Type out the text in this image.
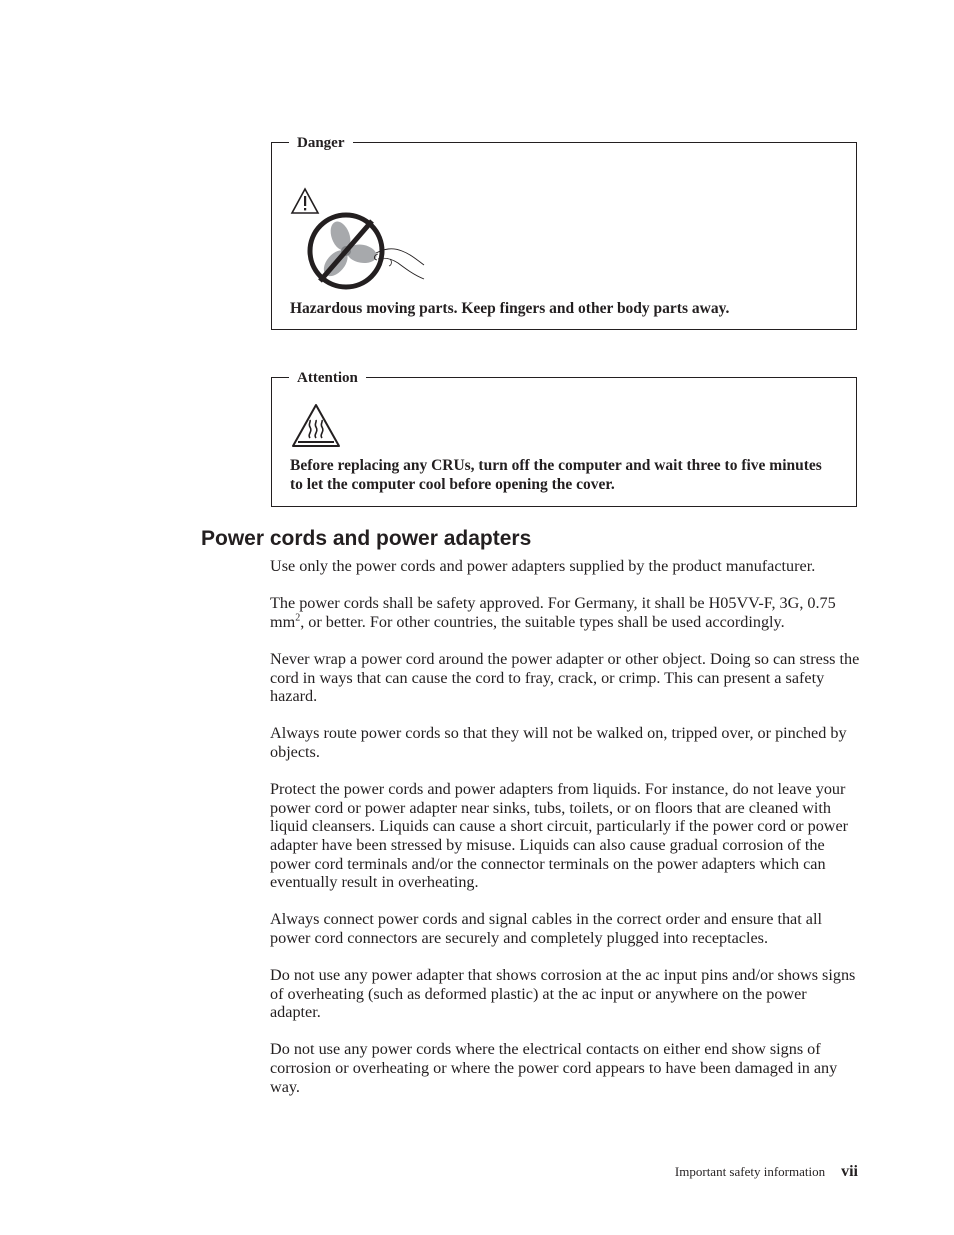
Danger
Hazardous moving parts. Keep fingers and other body parts away.
Attention
Before replacing any CRUs, turn off the computer and wait three to five minutes to let the computer cool before opening the cover.
Power cords and power adapters

Use only the power cords and power adapters supplied by the product manufacturer.

The power cords shall be safety approved. For Germany, it shall be H05VV-F, 3G, 0.75 $mm^2$, or better. For other countries, the suitable types shall be used accordingly.

Never wrap a power cord around the power adapter or other object. Doing so can stress the cord in ways that can cause the cord to fray, crack, or crimp. This can present a safety hazard.

Always route power cords so that they will not be walked on, tripped over, or pinched by objects.

Protect the power cords and power adapters from liquids. For instance, do not leave your power cord or power adapter near sinks, tubs, toilets, or on floors that are cleaned with liquid cleansers. Liquids can cause a short circuit, particularly if the power cord or power adapter have been stressed by misuse. Liquids can also cause gradual corrosion of the power cord terminals and/or the connector terminals on the power adapters which can eventually result in overheating.

Always connect power cords and signal cables in the correct order and ensure that all power cord connectors are securely and completely plugged into receptacles.

Do not use any power adapter that shows corrosion at the ac input pins and/or shows signs of overheating (such as deformed plastic) at the ac input or anywhere on the power adapter.

Do not use any power cords where the electrical contacts on either end show signs of corrosion or overheating or where the power cord appears to have been damaged in any way.

Important safety information vii
